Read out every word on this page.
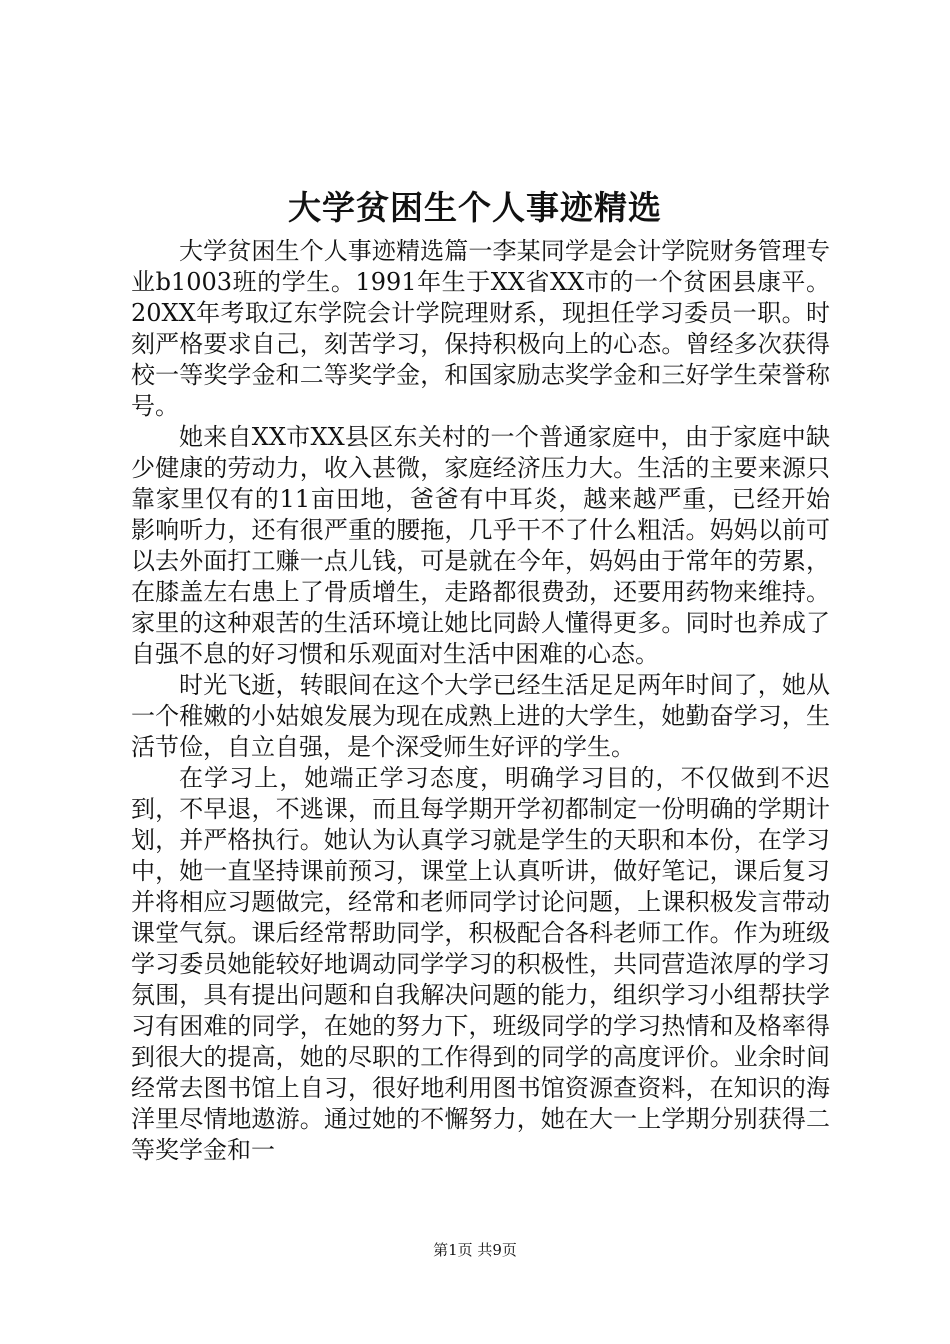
大学贫困生个人事迹精选

大学贫困生个人事迹精选篇一李某同学是会计学院财务管理专业b1003班的学生。1991年生于XX省XX市的一个贫困县康平。20XX年考取辽东学院会计学院理财系，现担任学习委员一职。时刻严格要求自己，刻苦学习，保持积极向上的心态。曾经多次获得校一等奖学金和二等奖学金，和国家励志奖学金和三好学生荣誉称号。

她来自XX市XX县区东关村的一个普通家庭中，由于家庭中缺少健康的劳动力，收入甚微，家庭经济压力大。生活的主要来源只靠家里仅有的11亩田地，爸爸有中耳炎，越来越严重，已经开始影响听力，还有很严重的腰拖，几乎干不了什么粗活。妈妈以前可以去外面打工赚一点儿钱，可是就在今年，妈妈由于常年的劳累，在膝盖左右患上了骨质增生，走路都很费劲，还要用药物来维持。家里的这种艰苦的生活环境让她比同龄人懂得更多。同时也养成了自强不息的好习惯和乐观面对生活中困难的心态。

时光飞逝，转眼间在这个大学已经生活足足两年时间了，她从一个稚嫩的小姑娘发展为现在成熟上进的大学生，她勤奋学习，生活节俭，自立自强，是个深受师生好评的学生。

在学习上，她端正学习态度，明确学习目的，不仅做到不迟到，不早退，不逃课，而且每学期开学初都制定一份明确的学期计划，并严格执行。她认为认真学习就是学生的天职和本份，在学习中，她一直坚持课前预习，课堂上认真听讲，做好笔记，课后复习并将相应习题做完，经常和老师同学讨论问题，上课积极发言带动课堂气氛。课后经常帮助同学，积极配合各科老师工作。作为班级学习委员她能较好地调动同学学习的积极性，共同营造浓厚的学习氛围，具有提出问题和自我解决问题的能力，组织学习小组帮扶学习有困难的同学，在她的努力下，班级同学的学习热情和及格率得到很大的提高，她的尽职的工作得到的同学的高度评价。业余时间经常去图书馆上自习，很好地利用图书馆资源查资料，在知识的海洋里尽情地遨游。通过她的不懈努力，她在大一上学期分别获得二等奖学金和一

第1页 共9页
